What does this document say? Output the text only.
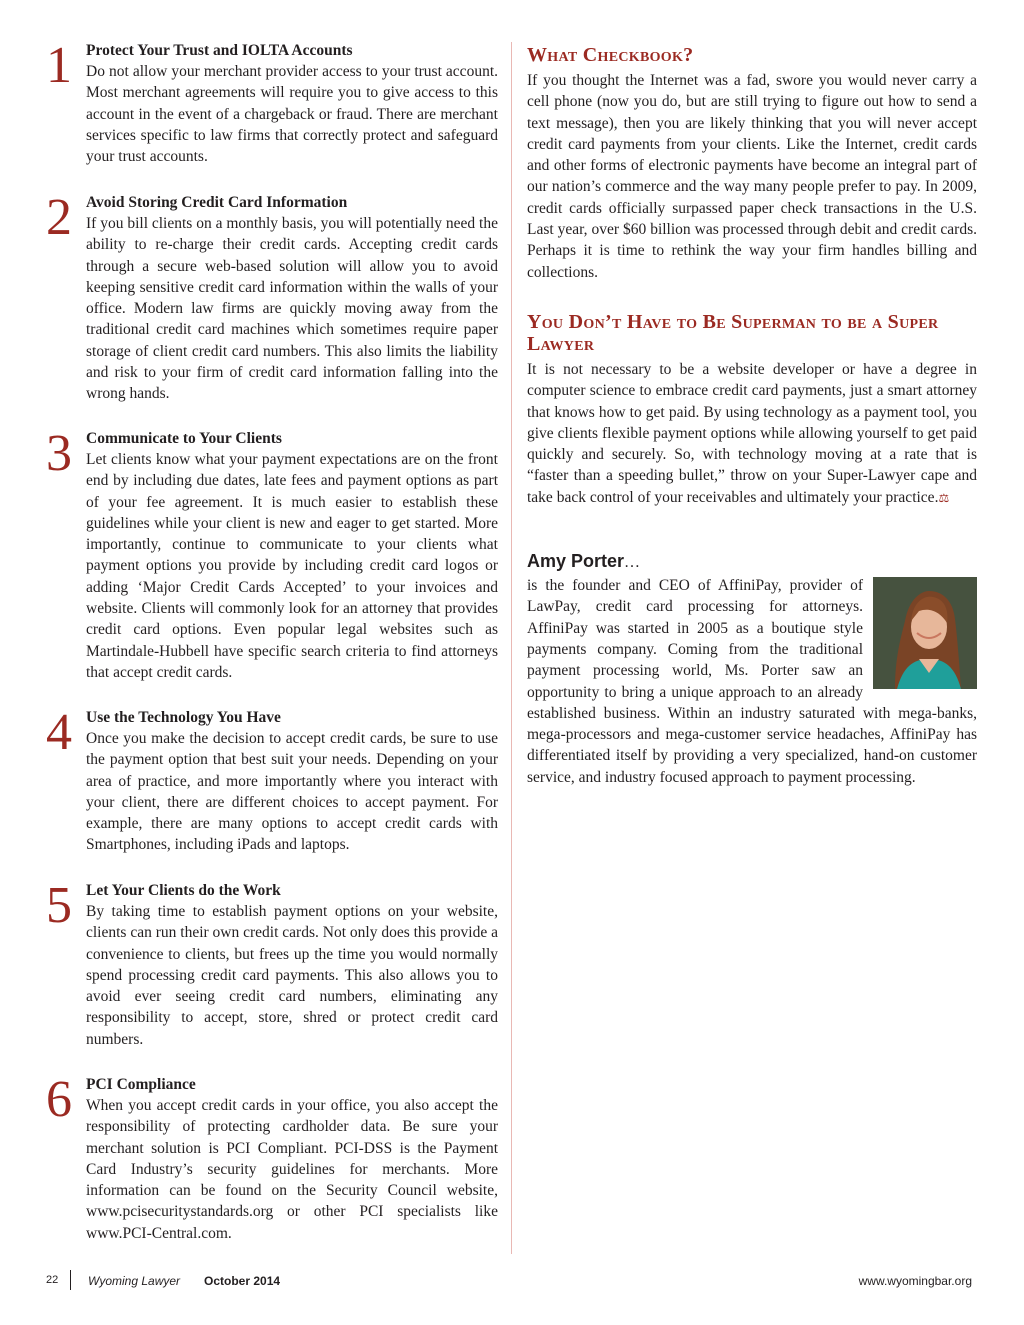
1 Protect Your Trust and IOLTA Accounts
Do not allow your merchant provider access to your trust account. Most merchant agreements will require you to give access to this account in the event of a chargeback or fraud. There are merchant services specific to law firms that correctly protect and safeguard your trust accounts.
2 Avoid Storing Credit Card Information
If you bill clients on a monthly basis, you will potentially need the ability to re-charge their credit cards. Accepting credit cards through a secure web-based solution will allow you to avoid keeping sensitive credit card information within the walls of your office. Modern law firms are quickly moving away from the traditional credit card machines which sometimes require paper storage of client credit card numbers. This also limits the liability and risk to your firm of credit card information falling into the wrong hands.
3 Communicate to Your Clients
Let clients know what your payment expectations are on the front end by including due dates, late fees and payment options as part of your fee agreement. It is much easier to establish these guidelines while your client is new and eager to get started. More importantly, continue to communicate to your clients what payment options you provide by including credit card logos or adding ‘Major Credit Cards Accepted’ to your invoices and website. Clients will commonly look for an attorney that provides credit card options. Even popular legal websites such as Martindale-Hubbell have specific search criteria to find attorneys that accept credit cards.
4 Use the Technology You Have
Once you make the decision to accept credit cards, be sure to use the payment option that best suit your needs. Depending on your area of practice, and more importantly where you interact with your client, there are different choices to accept payment. For example, there are many options to accept credit cards with Smartphones, including iPads and laptops.
5 Let Your Clients do the Work
By taking time to establish payment options on your website, clients can run their own credit cards. Not only does this provide a convenience to clients, but frees up the time you would normally spend processing credit card payments. This also allows you to avoid ever seeing credit card numbers, eliminating any responsibility to accept, store, shred or protect credit card numbers.
6 PCI Compliance
When you accept credit cards in your office, you also accept the responsibility of protecting cardholder data. Be sure your merchant solution is PCI Compliant. PCI-DSS is the Payment Card Industry’s security guidelines for merchants. More information can be found on the Security Council website, www.pcisecuritystandards.org or other PCI specialists like www.PCI-Central.com.
What Checkbook?
If you thought the Internet was a fad, swore you would never carry a cell phone (now you do, but are still trying to figure out how to send a text message), then you are likely thinking that you will never accept credit card payments from your clients. Like the Internet, credit cards and other forms of electronic payments have become an integral part of our nation’s commerce and the way many people prefer to pay. In 2009, credit cards officially surpassed paper check transactions in the U.S. Last year, over $60 billion was processed through debit and credit cards. Perhaps it is time to rethink the way your firm handles billing and collections.
You Don’t Have to Be Superman to be a Super Lawyer
It is not necessary to be a website developer or have a degree in computer science to embrace credit card payments, just a smart attorney that knows how to get paid. By using technology as a payment tool, you give clients flexible payment options while allowing yourself to get paid quickly and securely. So, with technology moving at a rate that is “faster than a speeding bullet,” throw on your Super-Lawyer cape and take back control of your receivables and ultimately your practice.⚖
Amy Porter…
is the founder and CEO of AffiniPay, provider of LawPay, credit card processing for attorneys. AffiniPay was started in 2005 as a boutique style payments company. Coming from the traditional payment processing world, Ms. Porter saw an opportunity to bring a unique approach to an already established business. Within an industry saturated with mega-banks, mega-processors and mega-customer service headaches, AffiniPay has differentiated itself by providing a very specialized, hand-on customer service, and industry focused approach to payment processing.
22 Wyoming Lawyer October 2014	www.wyomingbar.org
